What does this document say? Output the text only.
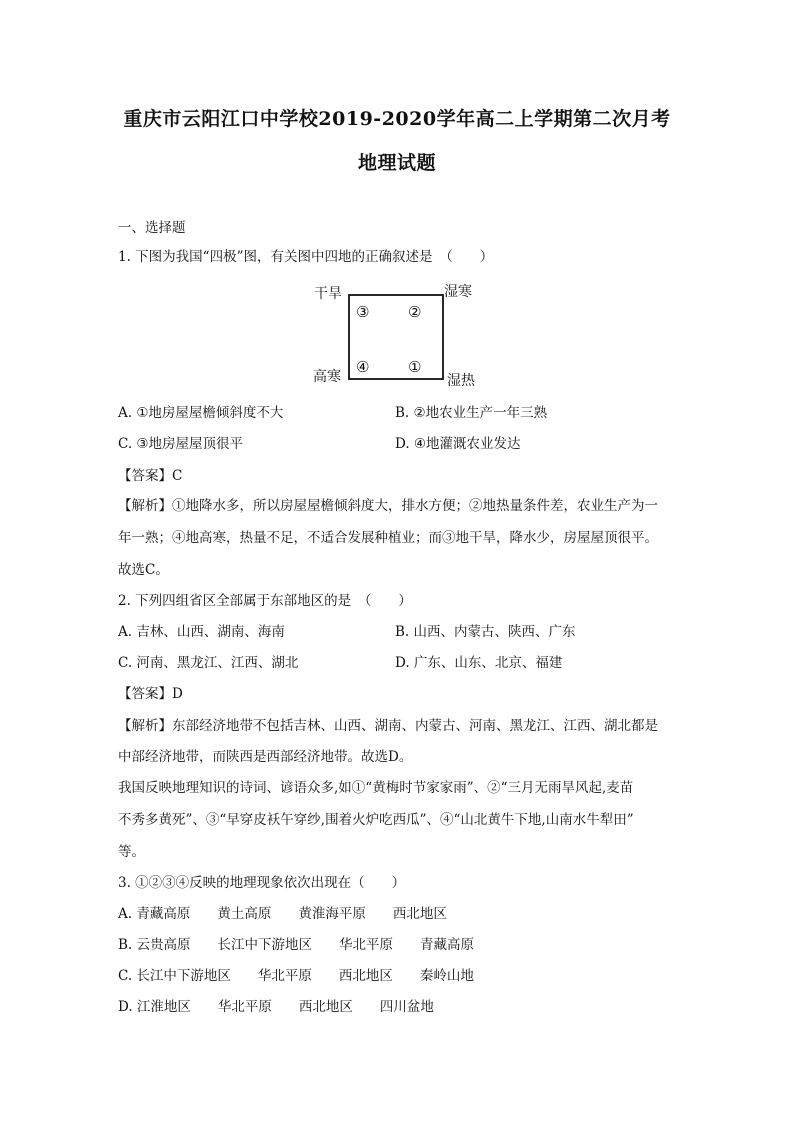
重庆市云阳江口中学校2019-2020学年高二上学期第二次月考
地理试题
一、选择题
1. 下图为我国“四极”图，有关图中四地的正确叙述是　（　　）
干旱	湿寒
高寒	湿热
③	②
④	①
A. ①地房屋屋檐倾斜度不大	B. ②地农业生产一年三熟
C. ③地房屋屋顶很平	D. ④地灌溉农业发达
【答案】C
【解析】①地降水多，所以房屋屋檐倾斜度大，排水方便；②地热量条件差，农业生产为一
年一熟；④地高寒，热量不足，不适合发展种植业；而③地干旱，降水少，房屋屋顶很平。
故选C。
2. 下列四组省区全部属于东部地区的是　（　　）
A. 吉林、山西、湖南、海南	B. 山西、内蒙古、陕西、广东
C. 河南、黑龙江、江西、湖北	D. 广东、山东、北京、福建
【答案】D
【解析】东部经济地带不包括吉林、山西、湖南、内蒙古、河南、黑龙江、江西、湖北都是
中部经济地带，而陕西是西部经济地带。故选D。
我国反映地理知识的诗词、谚语众多,如①“黄梅时节家家雨”、②“三月无雨旱风起,麦苗
不秀多黄死”、③“早穿皮袄午穿纱,围着火炉吃西瓜”、④“山北黄牛下地,山南水牛犁田”
等。
3. ①②③④反映的地理现象依次出现在（　　）
A. 青藏高原　　黄土高原　　黄淮海平原　　西北地区
B. 云贵高原　　长江中下游地区　　华北平原　　青藏高原
C. 长江中下游地区　　华北平原　　西北地区　　秦岭山地
D. 江淮地区　　华北平原　　西北地区　　四川盆地
